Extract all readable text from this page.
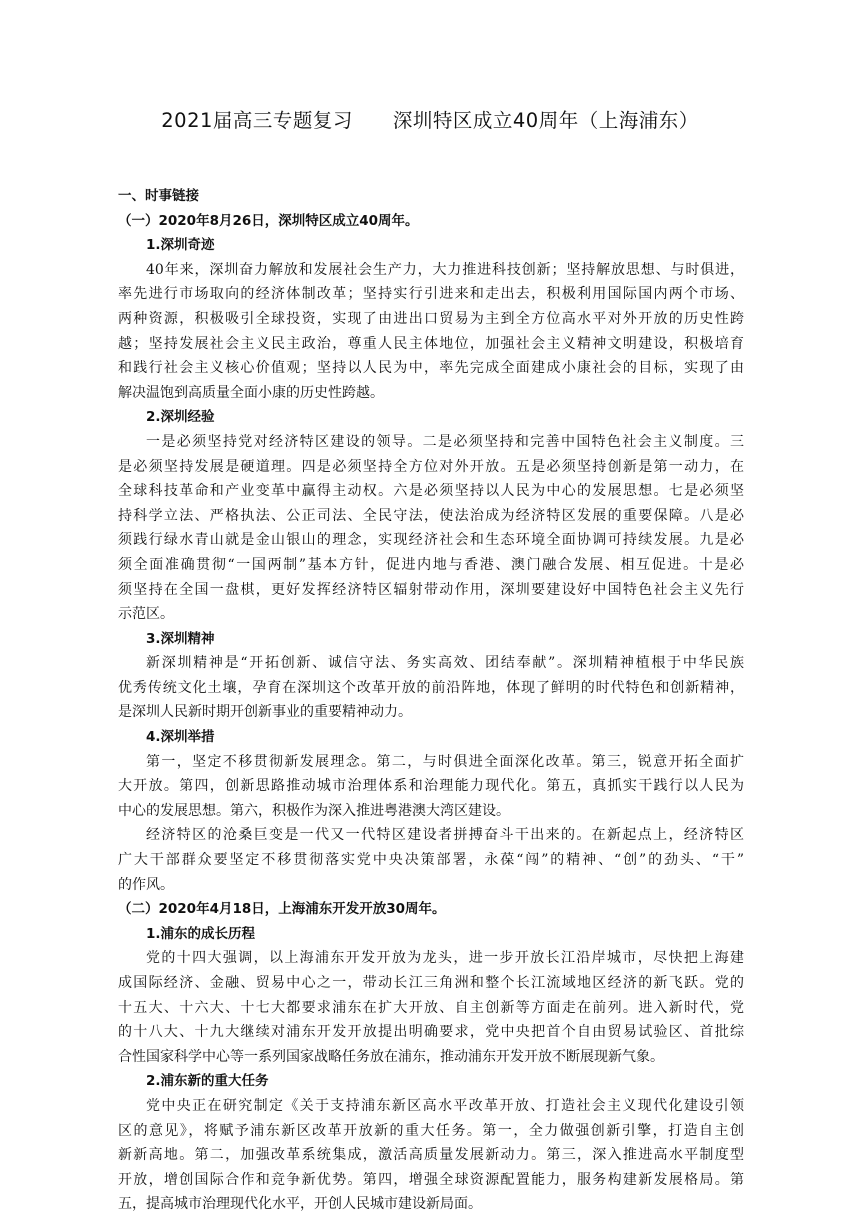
2021届高三专题复习　　深圳特区成立40周年（上海浦东）
一、时事链接
（一）2020年8月26日，深圳特区成立40周年。
1.深圳奇迹
40年来，深圳奋力解放和发展社会生产力，大力推进科技创新；坚持解放思想、与时俱进，
率先进行市场取向的经济体制改革；坚持实行引进来和走出去，积极利用国际国内两个市场、
两种资源，积极吸引全球投资，实现了由进出口贸易为主到全方位高水平对外开放的历史性跨
越；坚持发展社会主义民主政治，尊重人民主体地位，加强社会主义精神文明建设，积极培育
和践行社会主义核心价值观；坚持以人民为中，率先完成全面建成小康社会的目标，实现了由
解决温饱到高质量全面小康的历史性跨越。
2.深圳经验
一是必须坚持党对经济特区建设的领导。二是必须坚持和完善中国特色社会主义制度。三
是必须坚持发展是硬道理。四是必须坚持全方位对外开放。五是必须坚持创新是第一动力，在
全球科技革命和产业变革中赢得主动权。六是必须坚持以人民为中心的发展思想。七是必须坚
持科学立法、严格执法、公正司法、全民守法，使法治成为经济特区发展的重要保障。八是必
须践行绿水青山就是金山银山的理念，实现经济社会和生态环境全面协调可持续发展。九是必
须全面准确贯彻“一国两制”基本方针，促进内地与香港、澳门融合发展、相互促进。十是必
须坚持在全国一盘棋，更好发挥经济特区辐射带动作用，深圳要建设好中国特色社会主义先行
示范区。
3.深圳精神
新深圳精神是“开拓创新、诚信守法、务实高效、团结奉献”。深圳精神植根于中华民族
优秀传统文化土壤，孕育在深圳这个改革开放的前沿阵地，体现了鲜明的时代特色和创新精神，
是深圳人民新时期开创新事业的重要精神动力。
4.深圳举措
第一，坚定不移贯彻新发展理念。第二，与时俱进全面深化改革。第三，锐意开拓全面扩
大开放。第四，创新思路推动城市治理体系和治理能力现代化。第五，真抓实干践行以人民为
中心的发展思想。第六，积极作为深入推进粤港澳大湾区建设。
经济特区的沧桑巨变是一代又一代特区建设者拼搏奋斗干出来的。在新起点上，经济特区
广大干部群众要坚定不移贯彻落实党中央决策部署，永葆“闯”的精神、“创”的劲头、“干”
的作风。
（二）2020年4月18日，上海浦东开发开放30周年。
1.浦东的成长历程
党的十四大强调，以上海浦东开发开放为龙头，进一步开放长江沿岸城市，尽快把上海建
成国际经济、金融、贸易中心之一，带动长江三角洲和整个长江流域地区经济的新飞跃。党的
十五大、十六大、十七大都要求浦东在扩大开放、自主创新等方面走在前列。进入新时代，党
的十八大、十九大继续对浦东开发开放提出明确要求，党中央把首个自由贸易试验区、首批综
合性国家科学中心等一系列国家战略任务放在浦东，推动浦东开发开放不断展现新气象。
2.浦东新的重大任务
党中央正在研究制定《关于支持浦东新区高水平改革开放、打造社会主义现代化建设引领
区的意见》，将赋予浦东新区改革开放新的重大任务。第一，全力做强创新引擎，打造自主创
新新高地。第二，加强改革系统集成，激活高质量发展新动力。第三，深入推进高水平制度型
开放，增创国际合作和竞争新优势。第四，增强全球资源配置能力，服务构建新发展格局。第
五，提高城市治理现代化水平，开创人民城市建设新局面。
